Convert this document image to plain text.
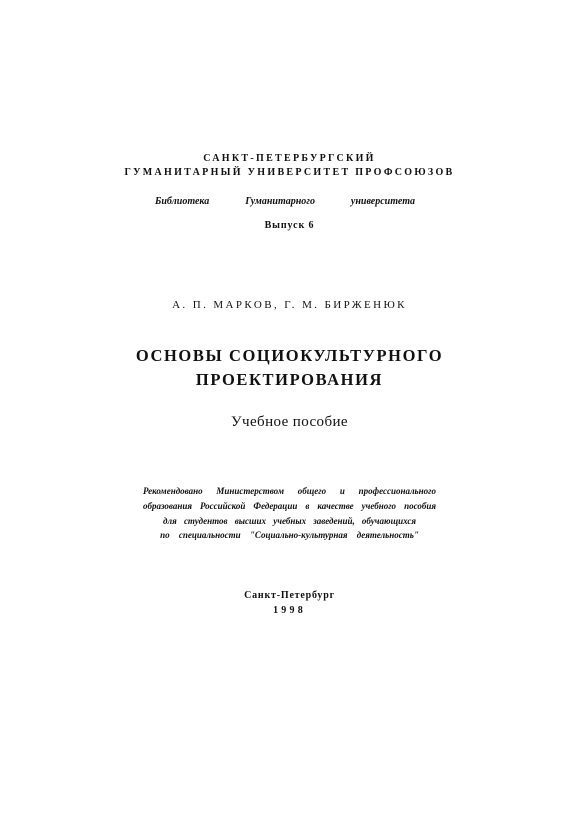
САНКТ-ПЕТЕРБУРГСКИЙ
ГУМАНИТАРНЫЙ УНИВЕРСИТЕТ ПРОФСОЮЗОВ
Библиотека	Гуманитарного	университета
Выпуск 6
А. П. МАРКОВ, Г. М. БИРЖЕНЮК
ОСНОВЫ СОЦИОКУЛЬТУРНОГО
ПРОЕКТИРОВАНИЯ
Учебное пособие
Рекомендовано Министерством общего и профессионального
образования Российской Федерации в качестве учебного пособия
для студентов высших учебных заведений, обучающихся
по специальности "Социально-культурная деятельность"
Санкт-Петербург
1998
